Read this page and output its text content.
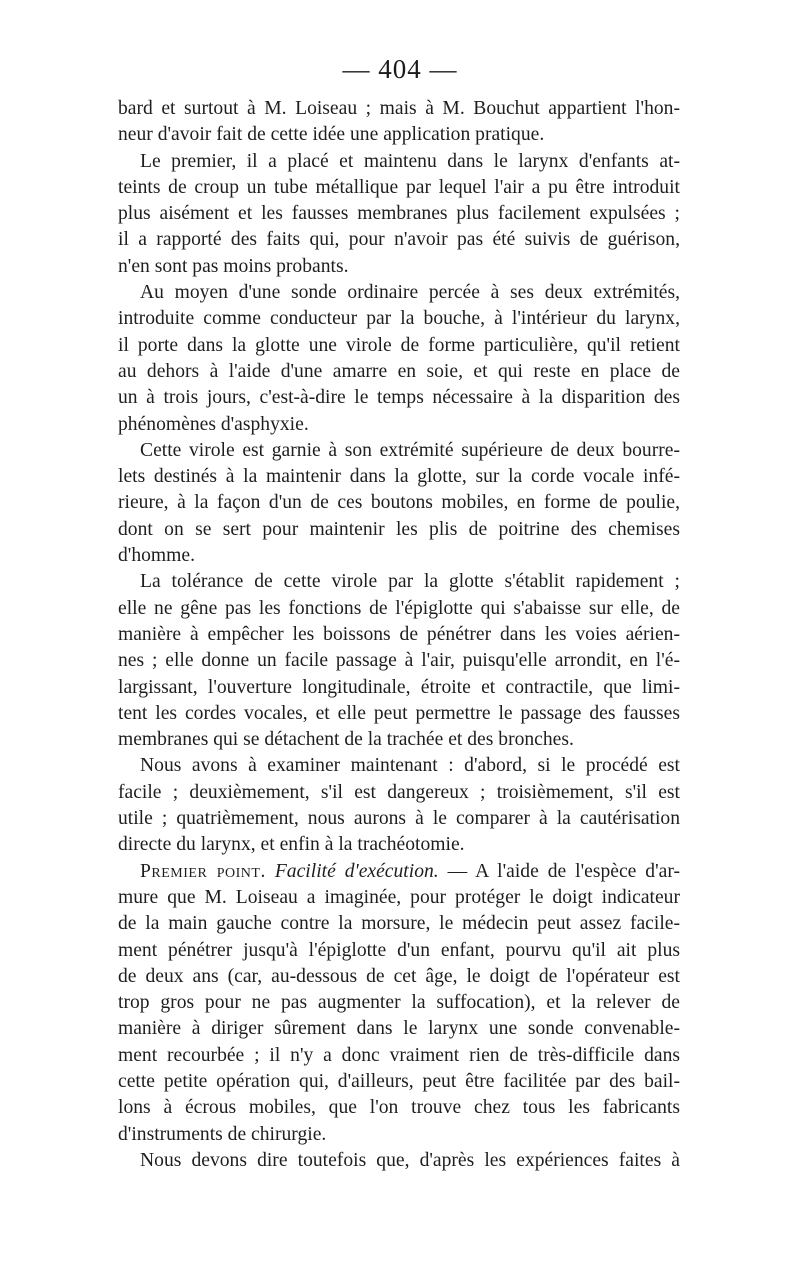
— 404 —
bard et surtout à M. Loiseau ; mais à M. Bouchut appartient l'hon-
neur d'avoir fait de cette idée une application pratique.
Le premier, il a placé et maintenu dans le larynx d'enfants at-
teints de croup un tube métallique par lequel l'air a pu être introduit
plus aisément et les fausses membranes plus facilement expulsées ;
il a rapporté des faits qui, pour n'avoir pas été suivis de guérison,
n'en sont pas moins probants.
Au moyen d'une sonde ordinaire percée à ses deux extrémités,
introduite comme conducteur par la bouche, à l'intérieur du larynx,
il porte dans la glotte une virole de forme particulière, qu'il retient
au dehors à l'aide d'une amarre en soie, et qui reste en place de
un à trois jours, c'est-à-dire le temps nécessaire à la disparition des
phénomènes d'asphyxie.
Cette virole est garnie à son extrémité supérieure de deux bourre-
lets destinés à la maintenir dans la glotte, sur la corde vocale infé-
rieure, à la façon d'un de ces boutons mobiles, en forme de poulie,
dont on se sert pour maintenir les plis de poitrine des chemises
d'homme.
La tolérance de cette virole par la glotte s'établit rapidement ;
elle ne gêne pas les fonctions de l'épiglotte qui s'abaisse sur elle, de
manière à empêcher les boissons de pénétrer dans les voies aérien-
nes ; elle donne un facile passage à l'air, puisqu'elle arrondit, en l'é-
largissant, l'ouverture longitudinale, étroite et contractile, que limi-
tent les cordes vocales, et elle peut permettre le passage des fausses
membranes qui se détachent de la trachée et des bronches.
Nous avons à examiner maintenant : d'abord, si le procédé est
facile ; deuxièmement, s'il est dangereux ; troisièmement, s'il est
utile ; quatrièmement, nous aurons à le comparer à la cautérisation
directe du larynx, et enfin à la trachéotomie.
Premier point. Facilité d'exécution. — A l'aide de l'espèce d'ar-
mure que M. Loiseau a imaginée, pour protéger le doigt indicateur
de la main gauche contre la morsure, le médecin peut assez facile-
ment pénétrer jusqu'à l'épiglotte d'un enfant, pourvu qu'il ait plus
de deux ans (car, au-dessous de cet âge, le doigt de l'opérateur est
trop gros pour ne pas augmenter la suffocation), et la relever de
manière à diriger sûrement dans le larynx une sonde convenable-
ment recourbée ; il n'y a donc vraiment rien de très-difficile dans
cette petite opération qui, d'ailleurs, peut être facilitée par des bail-
lons à écrous mobiles, que l'on trouve chez tous les fabricants
d'instruments de chirurgie.
Nous devons dire toutefois que, d'après les expériences faites à
